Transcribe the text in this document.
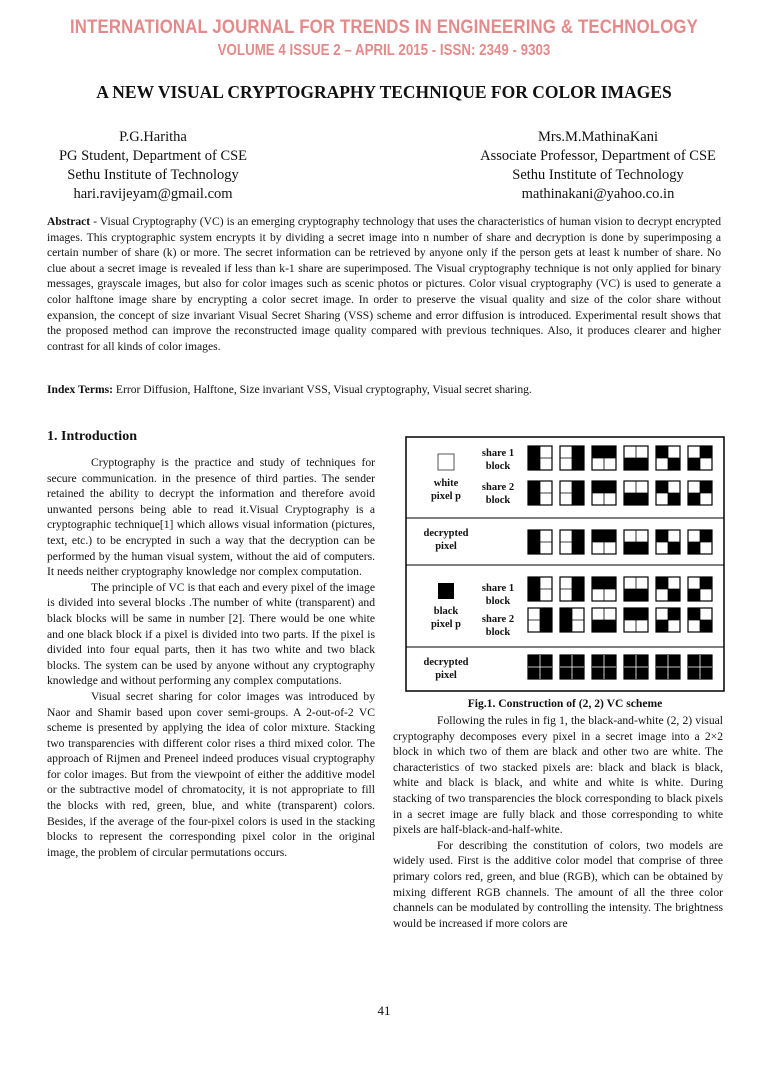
INTERNATIONAL JOURNAL FOR TRENDS IN ENGINEERING & TECHNOLOGY
VOLUME 4 ISSUE 2 – APRIL 2015 - ISSN: 2349 - 9303
A NEW VISUAL CRYPTOGRAPHY TECHNIQUE FOR COLOR IMAGES
P.G.Haritha
PG Student, Department of CSE
Sethu Institute of Technology
hari.ravijeyam@gmail.com
Mrs.M.MathinaKani
Associate Professor, Department of CSE
Sethu Institute of Technology
mathinakani@yahoo.co.in
Abstract - Visual Cryptography (VC) is an emerging cryptography technology that uses the characteristics of human vision to decrypt encrypted images. This cryptographic system encrypts it by dividing a secret image into n number of share and decryption is done by superimposing a certain number of share (k) or more. The secret information can be retrieved by anyone only if the person gets at least k number of share. No clue about a secret image is revealed if less than k-1 share are superimposed. The Visual cryptography technique is not only applied for binary messages, grayscale images, but also for color images such as scenic photos or pictures. Color visual cryptography (VC) is used to generate a color halftone image share by encrypting a color secret image. In order to preserve the visual quality and size of the color share without expansion, the concept of size invariant Visual Secret Sharing (VSS) scheme and error diffusion is introduced. Experimental result shows that the proposed method can improve the reconstructed image quality compared with previous techniques. Also, it produces clearer and higher contrast for all kinds of color images.
Index Terms: Error Diffusion, Halftone, Size invariant VSS, Visual cryptography, Visual secret sharing.
1. Introduction

Cryptography is the practice and study of techniques for secure communication. in the presence of third parties. The sender retained the ability to decrypt the information and therefore avoid unwanted persons being able to read it.Visual Cryptography is a cryptographic technique[1] which allows visual information (pictures, text, etc.) to be encrypted in such a way that the decryption can be performed by the human visual system, without the aid of computers. It needs neither cryptography knowledge nor complex computation.

The principle of VC is that each and every pixel of the image is divided into several blocks .The number of white (transparent) and black blocks will be same in number [2]. There would be one white and one black block if a pixel is divided into two parts. If the pixel is divided into four equal parts, then it has two white and two black blocks. The system can be used by anyone without any cryptography knowledge and without performing any complex computations.

Visual secret sharing for color images was introduced by Naor and Shamir based upon cover semi-groups. A 2-out-of-2 VC scheme is presented by applying the idea of color mixture. Stacking two transparencies with different color rises a third mixed color. The approach of Rijmen and Preneel indeed produces visual cryptography for color images. But from the viewpoint of either the additive model or the subtractive model of chromatocity, it is not appropriate to fill the blocks with red, green, blue, and white (transparent) colors. Besides, if the average of the four-pixel colors is used in the stacking blocks to represent the corresponding pixel color in the original image, the problem of circular permutations occurs.

white
pixel p
black
pixel p
share 1
block
share 2
block
decrypted
pixel
share 1
block
share 2
block
decrypted
pixel
Fig.1. Construction of (2, 2) VC scheme

Following the rules in fig 1, the black-and-white (2, 2) visual cryptography decomposes every pixel in a secret image into a 2×2 block in which two of them are black and other two are white. The characteristics of two stacked pixels are: black and black is black, white and black is black, and white and white is white. During stacking of two transparencies the block corresponding to black pixels in a secret image are fully black and those corresponding to white pixels are half-black-and-half-white.

For describing the constitution of colors, two models are widely used. First is the additive color model that comprise of three primary colors red, green, and blue (RGB), which can be obtained by mixing different RGB channels. The amount of all the three color channels can be modulated by controlling the intensity. The brightness would be increased if more colors are

41
